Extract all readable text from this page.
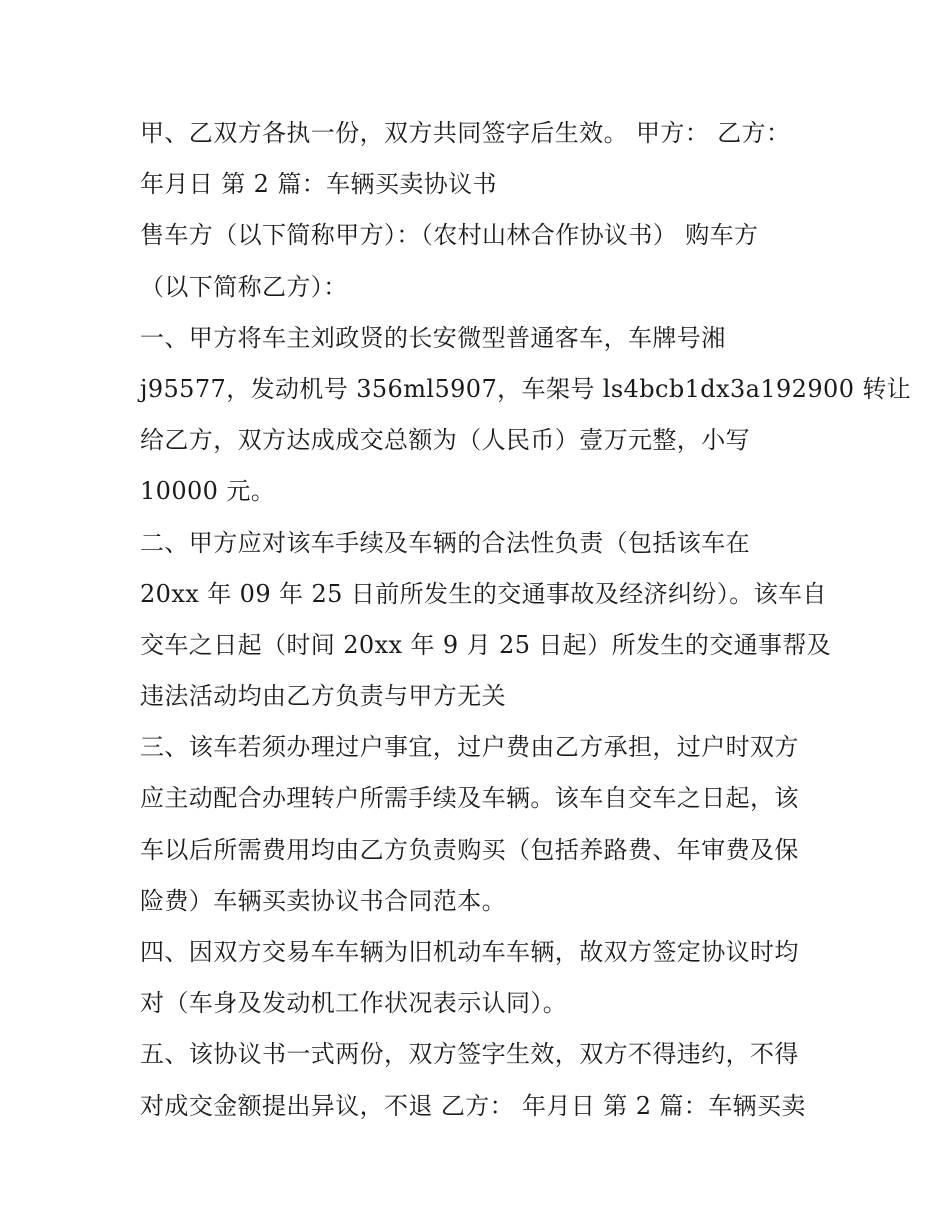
甲、乙双方各执一份，双方共同签字后生效。 甲方： 乙方：
年月日 第 2 篇：车辆买卖协议书
售车方（以下简称甲方）：（农村山林合作协议书） 购车方
（以下简称乙方）：
一、甲方将车主刘政贤的长安微型普通客车，车牌号湘
j95577，发动机号 356ml5907，车架号 ls4bcb1dx3a192900 转让
给乙方，双方达成成交总额为（人民币）壹万元整，小写
10000 元。
二、甲方应对该车手续及车辆的合法性负责（包括该车在
20xx 年 09 年 25 日前所发生的交通事故及经济纠纷）。该车自
交车之日起（时间 20xx 年 9 月 25 日起）所发生的交通事帮及
违法活动均由乙方负责与甲方无关
三、该车若须办理过户事宜，过户费由乙方承担，过户时双方
应主动配合办理转户所需手续及车辆。该车自交车之日起，该
车以后所需费用均由乙方负责购买（包括养路费、年审费及保
险费）车辆买卖协议书合同范本。
四、因双方交易车车辆为旧机动车车辆，故双方签定协议时均
对（车身及发动机工作状况表示认同）。
五、该协议书一式两份，双方签字生效，双方不得违约，不得
对成交金额提出异议，不退 乙方： 年月日 第 2 篇：车辆买卖
